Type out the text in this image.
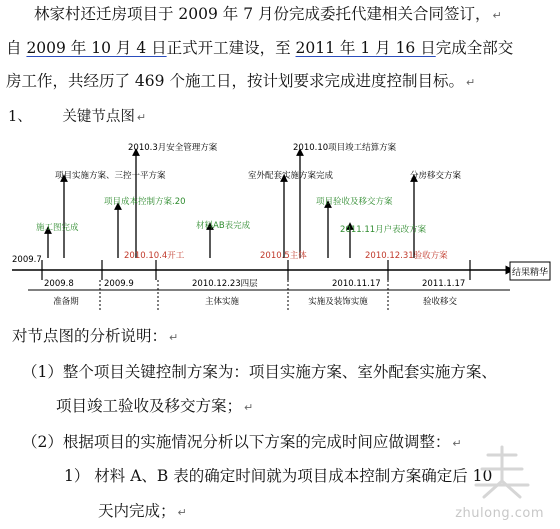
林家村还迁房项目于 2009 年 7 月份完成委托代建相关合同签订， ↵
自 2009 年 10 月 4 日正式开工建设，至 2011 年 1 月 16 日完成全部交
房工作，共经历了 469 个施工日，按计划要求完成进度控制目标。 ↵
1、 关键节点图 ↵
结果精华
2010.3月安全管理方案
项目实施方案、三控一平方案
项目成本控制方案.20
材料AB表完成
施工图完成
2010.10项目竣工结算方案
室外配套实施方案完成
项目验收及移交方案
2011.11月户表改方案
分房移交方案
2009.7	2010.10.4开工	2010.5主体	2010.12.31验收方案
2009.8	2009.9	2010.12.23四层	2010.11.17	2011.1.17
准备期	主体实施	实施及装饰实施	验收移交
对节点图的分析说明： ↵
（1）整个项目关键控制方案为：项目实施方案、室外配套实施方案、
项目竣工验收及移交方案； ↵
（2）根据项目的实施情况分析以下方案的完成时间应做调整： ↵
1） 材料 A、B 表的确定时间就为项目成本控制方案确定后 10
天内完成； ↵	zhulong.com
